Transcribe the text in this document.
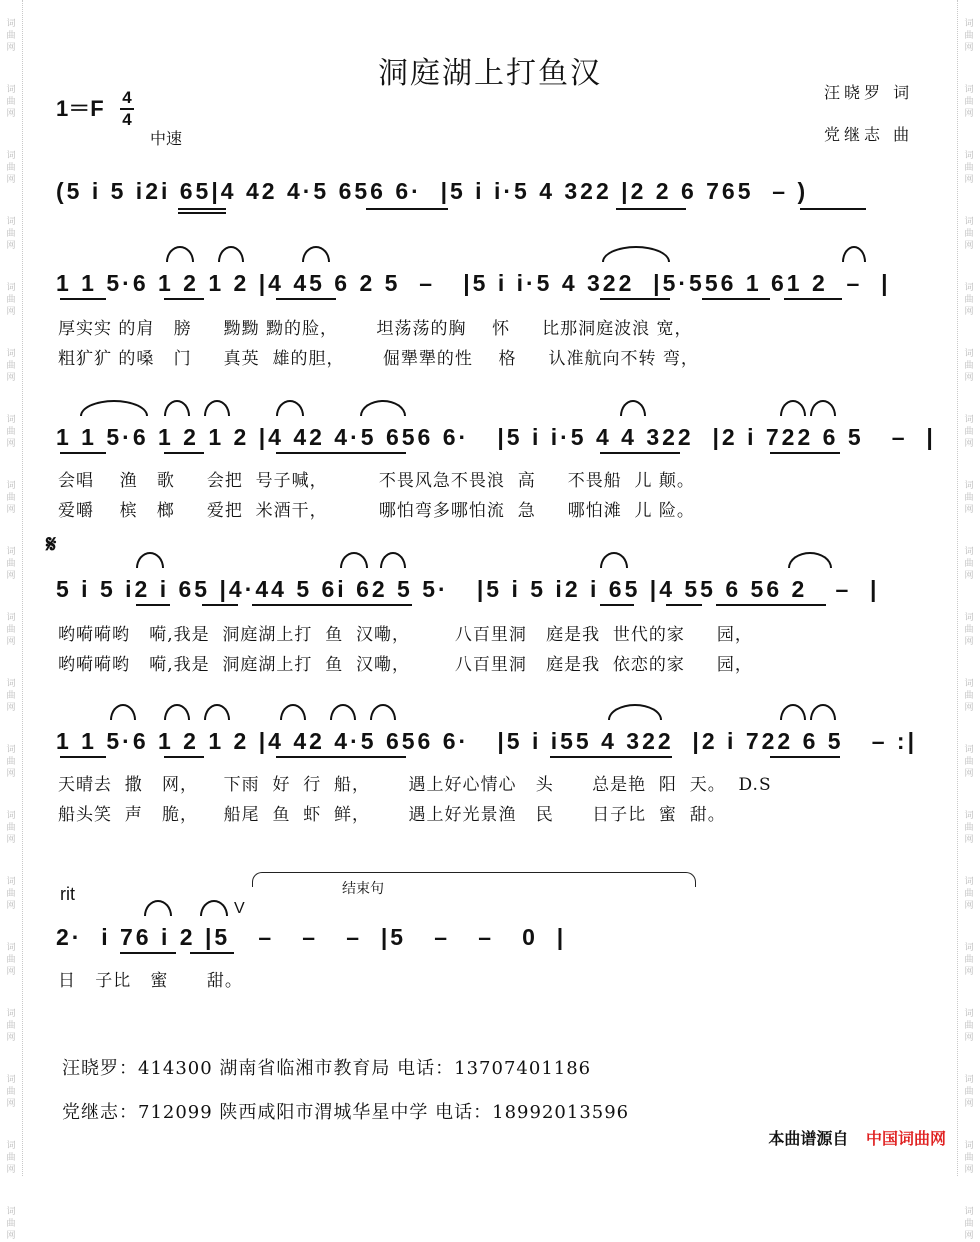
词
曲
网
词
曲
网
词
曲
网
词
曲
网
词
曲
网
词
曲
网
词
曲
网
词
曲
网
词
曲
网
词
曲
网
词
曲
网
词
曲
网
词
曲
网
词
曲
网
词
曲
网
词
曲
网
词
曲
网
词
曲
网
词
曲
网
词
曲
网
词
曲
网
词
曲
网
词
曲
网
词
曲
网
词
曲
网
词
曲
网
词
曲
网
词
曲
网
词
曲
网
词
曲
网
词
曲
网
词
曲
网
词
曲
网
词
曲
网
词
曲
网
词
曲
网
词
曲
网
词
曲
网
洞庭湖上打鱼汉
汪晓罗 词
党继志 曲
1＝F 4
4
中速
(5 i 5 i2i 65|4 42 4·5 656 6·  |5 i i·5 4 322 |2 2 6 765  – )
1 1 5·6 1 2 1 2 |4 45 6 2 5  –   |5 i i·5 4 322  |5·556 1 61 2  –  |
厚实实 的肩   膀     黝黝 黝的脸，      坦荡荡的胸    怀     比那洞庭波浪 宽，
粗犷犷 的嗓   门     真英  雄的胆，      倔犟犟的性    格     认准航向不转 弯，
1 1 5·6 1 2 1 2 |4 42 4·5 656 6·   |5 i i·5 4 4 322  |2 i 722 6 5   –  |
会唱    渔   歌     会把  号子喊，        不畏风急不畏浪  高     不畏船  儿 颠。
爱嚼    槟   榔     爱把  米酒干，        哪怕弯多哪怕流  急     哪怕滩  儿 险。
𝄋
5 i 5 i2 i 65 |4·44 5 6i 62 5 5·   |5 i 5 i2 i 65 |4 55 6 56 2   –  |
哟嗬嗬哟   嗬,我是  洞庭湖上打  鱼  汉嘞，       八百里洞   庭是我  世代的家     园，
哟嗬嗬哟   嗬,我是  洞庭湖上打  鱼  汉嘞，       八百里洞   庭是我  依恋的家     园，
1 1 5·6 1 2 1 2 |4 42 4·5 656 6·   |5 i i55 4 322  |2 i 722 6 5   – :|
天晴去  撒   网，    下雨  好  行  船，      遇上好心情心   头      总是艳  阳  天。  D.S
船头笑  声   脆，    船尾  鱼  虾  鲜，      遇上好光景渔   民      日子比  蜜  甜。
rit	结束句
2·  i 76 i 2 |5   –   –   –  |5   –   –   0  |
V
日   子比   蜜      甜。
汪晓罗：414300 湖南省临湘市教育局 电话：13707401186
党继志：712099 陕西咸阳市渭城华星中学 电话：18992013596
本曲谱源自 中国词曲网
